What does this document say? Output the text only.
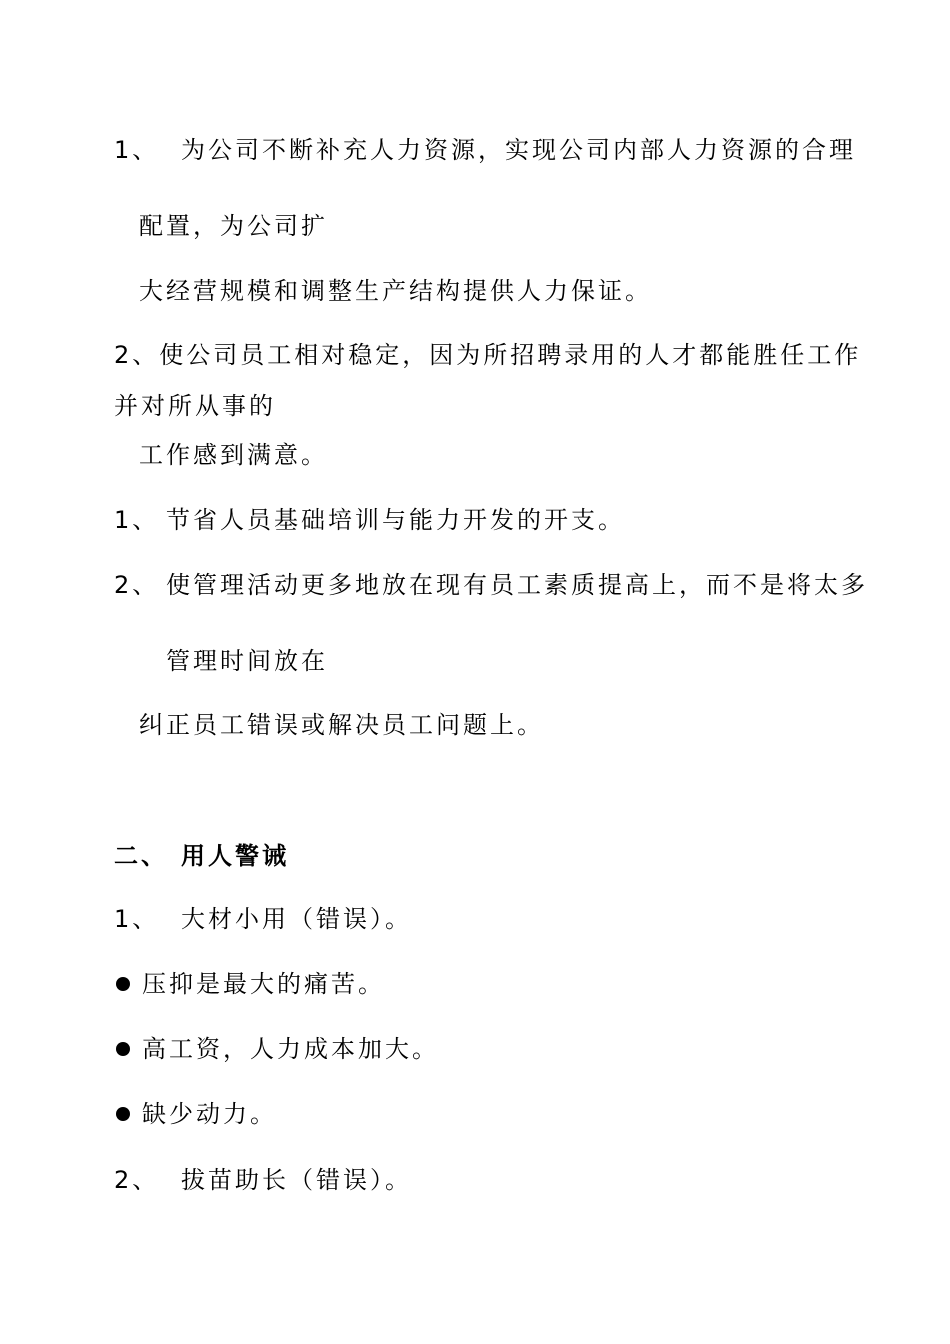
1、 为公司不断补充人力资源，实现公司内部人力资源的合理
配置，为公司扩
大经营规模和调整生产结构提供人力保证。
2、使公司员工相对稳定，因为所招聘录用的人才都能胜任工作
并对所从事的
工作感到满意。
1、 节省人员基础培训与能力开发的开支。
2、 使管理活动更多地放在现有员工素质提高上，而不是将太多
管理时间放在
纠正员工错误或解决员工问题上。
二、 用人警诫
1、 大材小用（错误）。
压抑是最大的痛苦。
高工资，人力成本加大。
缺少动力。
2、 拔苗助长（错误）。
